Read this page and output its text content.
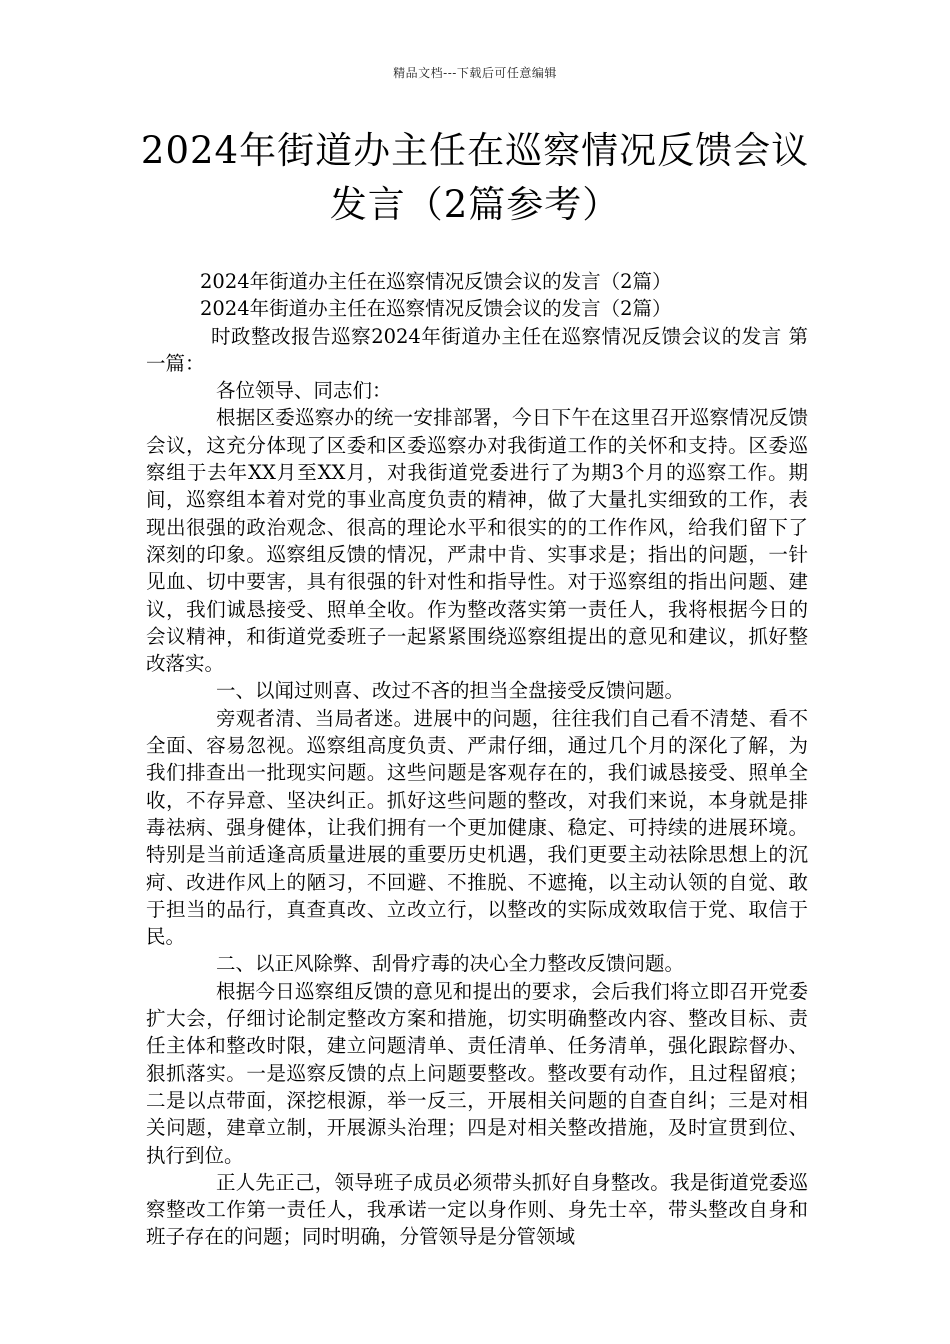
精品文档---下载后可任意编辑
2024年街道办主任在巡察情况反馈会议发言（2篇参考）

2024年街道办主任在巡察情况反馈会议的发言（2篇）

2024年街道办主任在巡察情况反馈会议的发言（2篇）

时政整改报告巡察2024年街道办主任在巡察情况反馈会议的发言 第一篇：

各位领导、同志们：

根据区委巡察办的统一安排部署，今日下午在这里召开巡察情况反馈会议，这充分体现了区委和区委巡察办对我街道工作的关怀和支持。区委巡察组于去年XX月至XX月，对我街道党委进行了为期3个月的巡察工作。期间，巡察组本着对党的事业高度负责的精神，做了大量扎实细致的工作，表现出很强的政治观念、很高的理论水平和很实的的工作作风，给我们留下了深刻的印象。巡察组反馈的情况，严肃中肯、实事求是；指出的问题，一针见血、切中要害，具有很强的针对性和指导性。对于巡察组的指出问题、建议，我们诚恳接受、照单全收。作为整改落实第一责任人，我将根据今日的会议精神，和街道党委班子一起紧紧围绕巡察组提出的意见和建议，抓好整改落实。

一、以闻过则喜、改过不吝的担当全盘接受反馈问题。

旁观者清、当局者迷。进展中的问题，往往我们自己看不清楚、看不全面、容易忽视。巡察组高度负责、严肃仔细，通过几个月的深化了解，为我们排查出一批现实问题。这些问题是客观存在的，我们诚恳接受、照单全收，不存异意、坚决纠正。抓好这些问题的整改，对我们来说，本身就是排毒祛病、强身健体，让我们拥有一个更加健康、稳定、可持续的进展环境。特别是当前适逢高质量进展的重要历史机遇，我们更要主动祛除思想上的沉疴、改进作风上的陋习，不回避、不推脱、不遮掩，以主动认领的自觉、敢于担当的品行，真查真改、立改立行，以整改的实际成效取信于党、取信于民。

二、以正风除弊、刮骨疗毒的决心全力整改反馈问题。

根据今日巡察组反馈的意见和提出的要求，会后我们将立即召开党委扩大会，仔细讨论制定整改方案和措施，切实明确整改内容、整改目标、责任主体和整改时限，建立问题清单、责任清单、任务清单，强化跟踪督办、狠抓落实。一是巡察反馈的点上问题要整改。整改要有动作，且过程留痕；二是以点带面，深挖根源，举一反三，开展相关问题的自查自纠；三是对相关问题，建章立制，开展源头治理；四是对相关整改措施，及时宣贯到位、执行到位。

正人先正己，领导班子成员必须带头抓好自身整改。我是街道党委巡察整改工作第一责任人，我承诺一定以身作则、身先士卒，带头整改自身和班子存在的问题；同时明确，分管领导是分管领域
